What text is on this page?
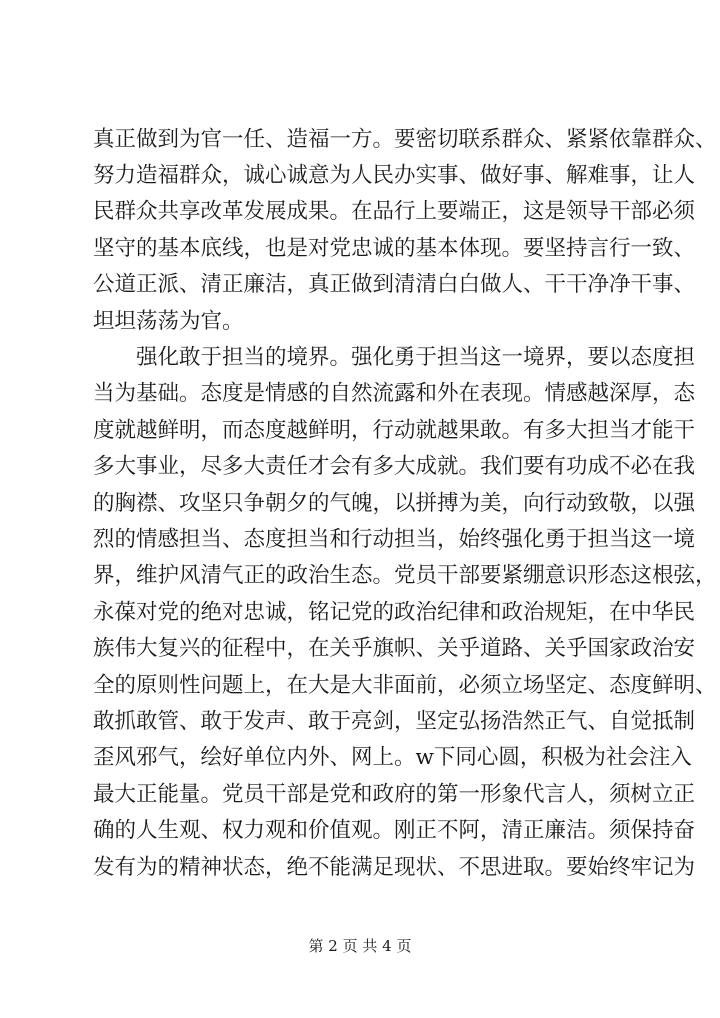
真正做到为官一任、造福一方。要密切联系群众、紧紧依靠群众、
努力造福群众，诚心诚意为人民办实事、做好事、解难事，让人
民群众共享改革发展成果。在品行上要端正，这是领导干部必须
坚守的基本底线，也是对党忠诚的基本体现。要坚持言行一致、
公道正派、清正廉洁，真正做到清清白白做人、干干净净干事、
坦坦荡荡为官。
强化敢于担当的境界。强化勇于担当这一境界，要以态度担
当为基础。态度是情感的自然流露和外在表现。情感越深厚，态
度就越鲜明，而态度越鲜明，行动就越果敢。有多大担当才能干
多大事业，尽多大责任才会有多大成就。我们要有功成不必在我
的胸襟、攻坚只争朝夕的气魄，以拼搏为美，向行动致敬，以强
烈的情感担当、态度担当和行动担当，始终强化勇于担当这一境
界，维护风清气正的政治生态。党员干部要紧绷意识形态这根弦，
永葆对党的绝对忠诚，铭记党的政治纪律和政治规矩，在中华民
族伟大复兴的征程中，在关乎旗帜、关乎道路、关乎国家政治安
全的原则性问题上，在大是大非面前，必须立场坚定、态度鲜明、
敢抓敢管、敢于发声、敢于亮剑，坚定弘扬浩然正气、自觉抵制
歪风邪气，绘好单位内外、网上。w下同心圆，积极为社会注入
最大正能量。党员干部是党和政府的第一形象代言人，须树立正
确的人生观、权力观和价值观。刚正不阿，清正廉洁。须保持奋
发有为的精神状态，绝不能满足现状、不思进取。要始终牢记为
第 2 页 共 4 页
